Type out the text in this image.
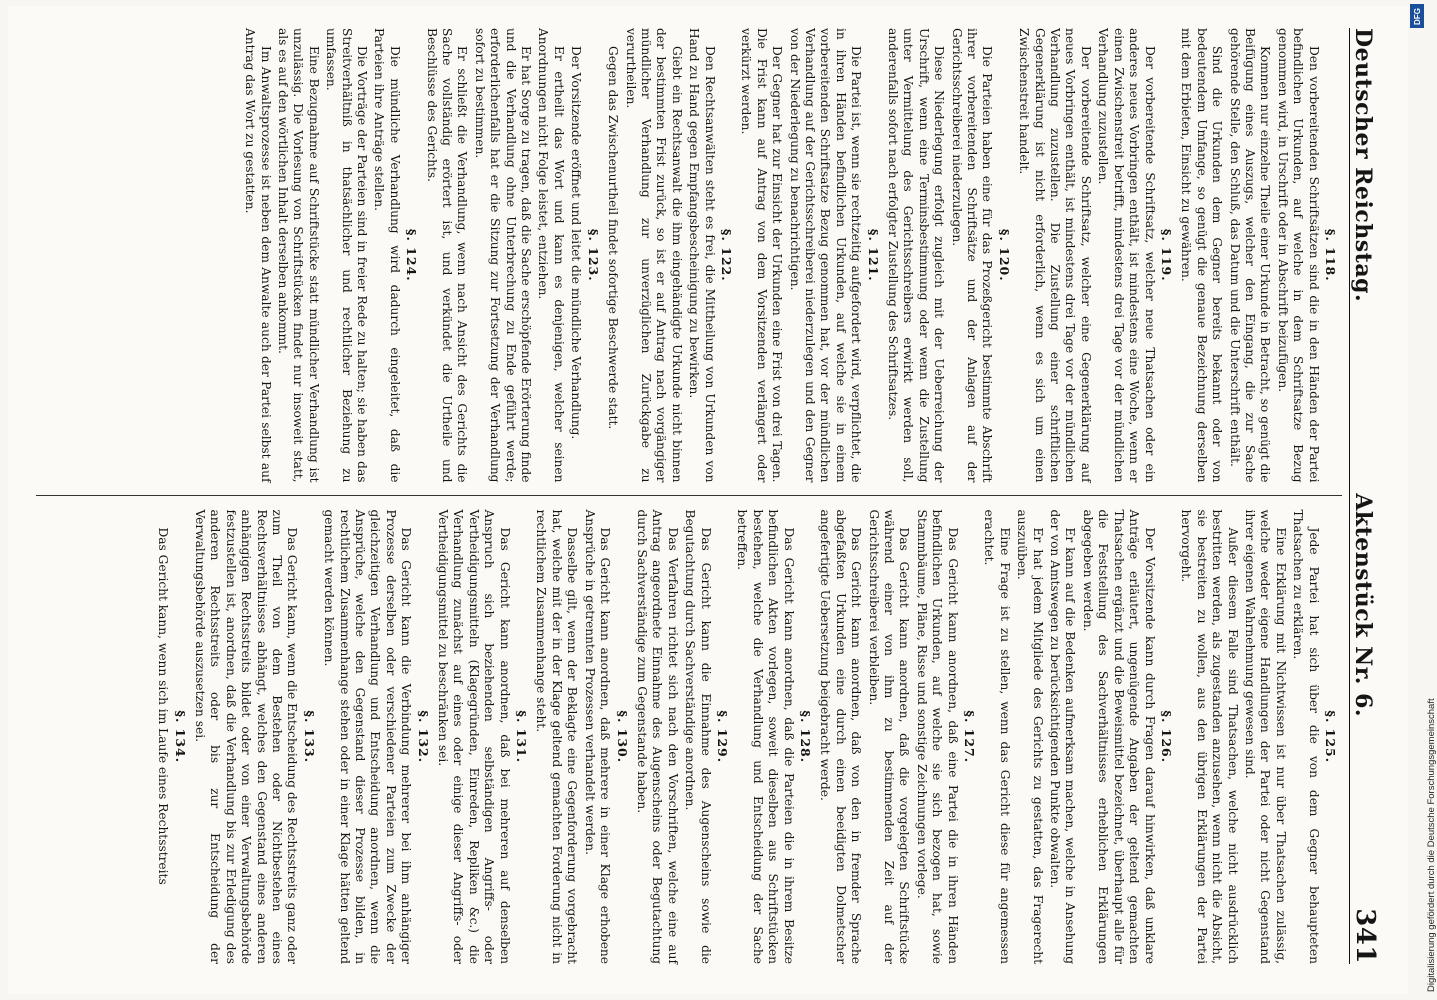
Deutscher Reichstag.
Aktenstück Nr. 6.
341
§. 118.
Den vorbereitenden Schriftsätzen sind die in den Händen der Partei befindlichen Urkunden, auf welche in dem Schriftsatze Bezug genommen wird, in Urschrift oder in Abschrift beizufügen.
Kommen nur einzelne Theile einer Urkunde in Betracht, so genügt die Beifügung eines Auszugs, welcher den Eingang, die zur Sache gehörende Stelle, den Schluß, das Datum und die Unterschrift enthält.
Sind die Urkunden dem Gegner bereits bekannt oder von bedeutendem Umfange, so genügt die genaue Bezeichnung derselben mit dem Erbieten, Einsicht zu gewähren.
§. 119.
Der vorbereitende Schriftsatz, welcher neue Thatsachen oder ein anderes neues Vorbringen enthält, ist mindestens eine Woche, wenn er einen Zwischenstreit betrifft, mindestens drei Tage vor der mündlichen Verhandlung zuzustellen.
Der vorbereitende Schriftsatz, welcher eine Gegenerklärung auf neues Vorbringen enthält, ist mindestens drei Tage vor der mündlichen Verhandlung zuzustellen. Die Zustellung einer schriftlichen Gegenerklärung ist nicht erforderlich, wenn es sich um einen Zwischenstreit handelt.
§. 120.
Die Parteien haben eine für das Prozeßgericht bestimmte Abschrift ihrer vorbereitenden Schriftsätze und der Anlagen auf der Gerichtsschreiberei niederzulegen.
Diese Niederlegung erfolgt zugleich mit der Ueberreichung der Urschrift, wenn eine Terminsbestimmung oder wenn die Zustellung unter Vermittelung des Gerichtsschreibers erwirkt werden soll, anderenfalls sofort nach erfolgter Zustellung des Schriftsatzes.
§. 121.
Die Partei ist, wenn sie rechtzeitig aufgefordert wird, verpflichtet, die in ihren Händen befindlichen Urkunden, auf welche sie in einem vorbereitenden Schriftsatze Bezug genommen hat, vor der mündlichen Verhandlung auf der Gerichtsschreiberei niederzulegen und den Gegner von der Niederlegung zu benachrichtigen.
Der Gegner hat zur Einsicht der Urkunden eine Frist von drei Tagen. Die Frist kann auf Antrag von dem Vorsitzenden verlängert oder verkürzt werden.
§. 122.
Den Rechtsanwälten steht es frei, die Mittheilung von Urkunden von Hand zu Hand gegen Empfangsbescheinigung zu bewirken.
Giebt ein Rechtsanwalt die ihm eingehändigte Urkunde nicht binnen der bestimmten Frist zurück, so ist er auf Antrag nach vorgängiger mündlicher Verhandlung zur unverzüglichen Zurückgabe zu verurtheilen.
Gegen das Zwischenurtheil findet sofortige Beschwerde statt.
§. 123.
Der Vorsitzende eröffnet und leitet die mündliche Verhandlung.
Er ertheilt das Wort und kann es denjenigen, welcher seinen Anordnungen nicht Folge leistet, entziehen.
Er hat Sorge zu tragen, daß die Sache erschöpfende Erörterung finde und die Verhandlung ohne Unterbrechung zu Ende geführt werde; erforderlichenfalls hat er die Sitzung zur Fortsetzung der Verhandlung sofort zu bestimmen.
Er schließt die Verhandlung, wenn nach Ansicht des Gerichts die Sache vollständig erörtert ist, und verkündet die Urtheile und Beschlüsse des Gerichts.
§. 124.
Die mündliche Verhandlung wird dadurch eingeleitet, daß die Parteien ihre Anträge stellen.
Die Vorträge der Parteien sind in freier Rede zu halten; sie haben das Streitverhältniß in thatsächlicher und rechtlicher Beziehung zu umfassen.
Eine Bezugnahme auf Schriftstücke statt mündlicher Verhandlung ist unzulässig. Die Vorlesung von Schriftstücken findet nur insoweit statt, als es auf den wörtlichen Inhalt derselben ankommt.
Im Anwaltsprozesse ist neben dem Anwalte auch der Partei selbst auf Antrag das Wort zu gestatten.
§. 125.
Jede Partei hat sich über die von dem Gegner behaupteten Thatsachen zu erklären.
Eine Erklärung mit Nichtwissen ist nur über Thatsachen zulässig, welche weder eigene Handlungen der Partei oder nicht Gegenstand ihrer eigenen Wahrnehmung gewesen sind.
Außer diesem Falle sind Thatsachen, welche nicht ausdrücklich bestritten werden, als zugestanden anzusehen, wenn nicht die Absicht, sie bestreiten zu wollen, aus den übrigen Erklärungen der Partei hervorgeht.
§. 126.
Der Vorsitzende kann durch Fragen darauf hinwirken, daß unklare Anträge erläutert, ungenügende Angaben der geltend gemachten Thatsachen ergänzt und die Beweismittel bezeichnet, überhaupt alle für die Feststellung des Sachverhältnisses erheblichen Erklärungen abgegeben werden.
Er kann auf die Bedenken aufmerksam machen, welche in Ansehung der von Amtswegen zu berücksichtigenden Punkte obwalten.
Er hat jedem Mitgliede des Gerichts zu gestatten, das Fragerecht auszuüben.
Eine Frage ist zu stellen, wenn das Gericht diese für angemessen erachtet.
§. 127.
Das Gericht kann anordnen, daß eine Partei die in ihren Händen befindlichen Urkunden, auf welche sie sich bezogen hat, sowie Stammbäume, Pläne, Risse und sonstige Zeichnungen vorlege.
Das Gericht kann anordnen, daß die vorgelegten Schriftstücke während einer von ihm zu bestimmenden Zeit auf der Gerichtsschreiberei verbleiben.
Das Gericht kann anordnen, daß von den in fremder Sprache abgefaßten Urkunden eine durch einen beeidigten Dolmetscher angefertigte Uebersetzung beigebracht werde.
§. 128.
Das Gericht kann anordnen, daß die Parteien die in ihrem Besitze befindlichen Akten vorlegen, soweit dieselben aus Schriftstücken bestehen, welche die Verhandlung und Entscheidung der Sache betreffen.
§. 129.
Das Gericht kann die Einnahme des Augenscheins sowie die Begutachtung durch Sachverständige anordnen.
Das Verfahren richtet sich nach den Vorschriften, welche eine auf Antrag angeordnete Einnahme des Augenscheins oder Begutachtung durch Sachverständige zum Gegenstande haben.
§. 130.
Das Gericht kann anordnen, daß mehrere in einer Klage erhobene Ansprüche in getrennten Prozessen verhandelt werden.
Dasselbe gilt, wenn der Beklagte eine Gegenforderung vorgebracht hat, welche mit der in der Klage geltend gemachten Forderung nicht in rechtlichem Zusammenhange steht.
§. 131.
Das Gericht kann anordnen, daß bei mehreren auf denselben Anspruch sich beziehenden selbständigen Angriffs- oder Vertheidigungsmitteln (Klagegründen, Einreden, Repliken &c.) die Verhandlung zunächst auf eines oder einige dieser Angriffs- oder Vertheidigungsmittel zu beschränken sei.
§. 132.
Das Gericht kann die Verbindung mehrerer bei ihm anhängiger Prozesse derselben oder verschiedener Parteien zum Zwecke der gleichzeitigen Verhandlung und Entscheidung anordnen, wenn die Ansprüche, welche den Gegenstand dieser Prozesse bilden, in rechtlichem Zusammenhange stehen oder in einer Klage hätten geltend gemacht werden können.
§. 133.
Das Gericht kann, wenn die Entscheidung des Rechtsstreits ganz oder zum Theil von dem Bestehen oder Nichtbestehen eines Rechtsverhältnisses abhängt, welches den Gegenstand eines anderen anhängigen Rechtsstreits bildet oder von einer Verwaltungsbehörde festzustellen ist, anordnen, daß die Verhandlung bis zur Erledigung des anderen Rechtsstreits oder bis zur Entscheidung der Verwaltungsbehörde auszusetzen sei.
§. 134.
Das Gericht kann, wenn sich im Laufe eines Rechtsstreits	Digitalisierung gefördert durch die Deutsche Forschungsgemeinschaft
DFG
